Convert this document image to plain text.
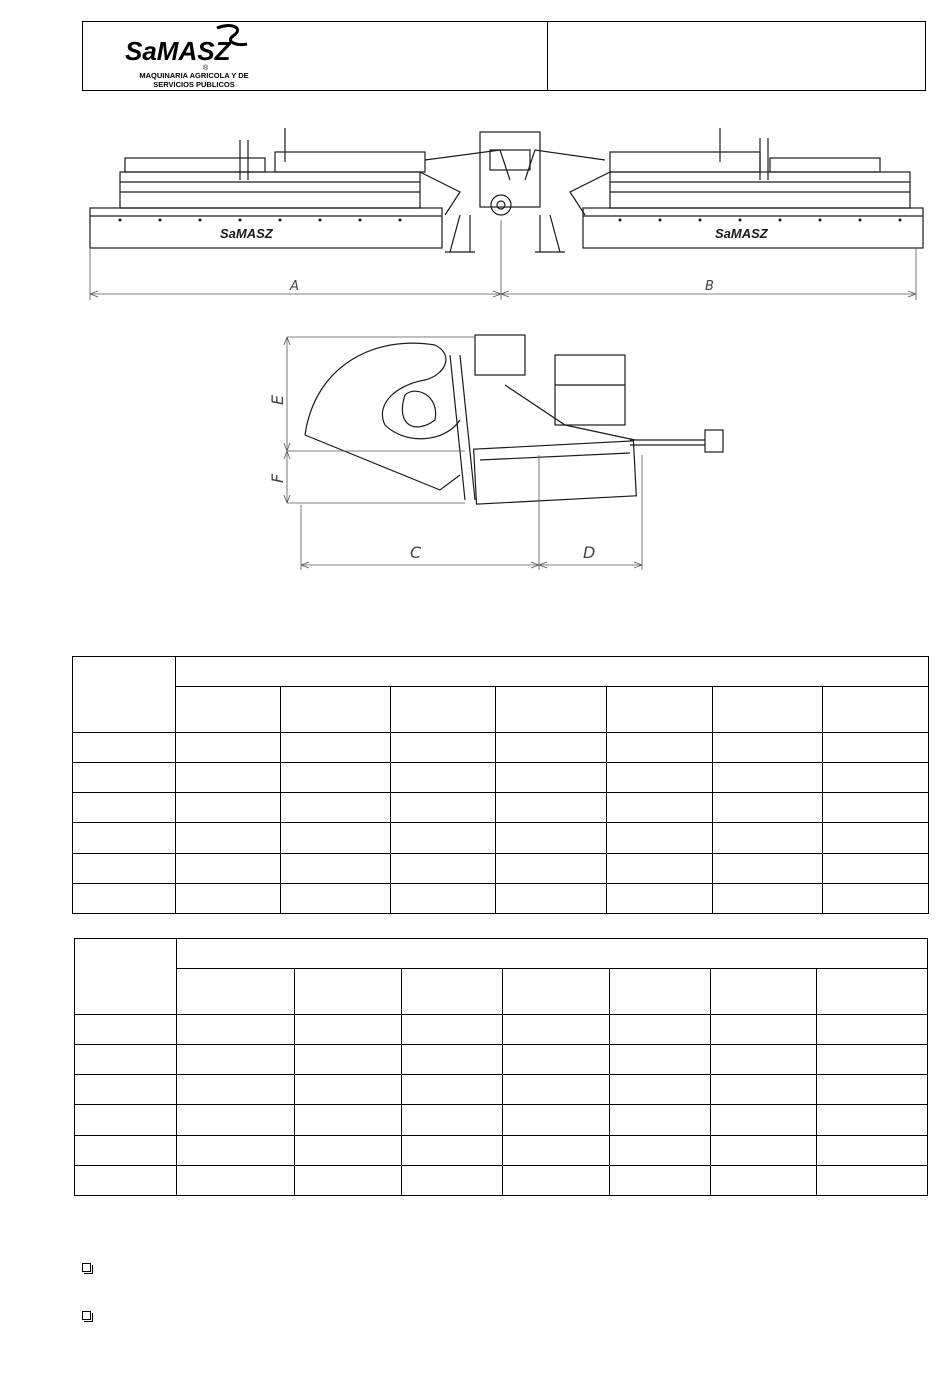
SaMASZ
®
MAQUINARIA AGRICOLA Y DE
SERVICIOS PUBLICOS
SaMASZ	SaMASZ
A	B
C	D
E
F
